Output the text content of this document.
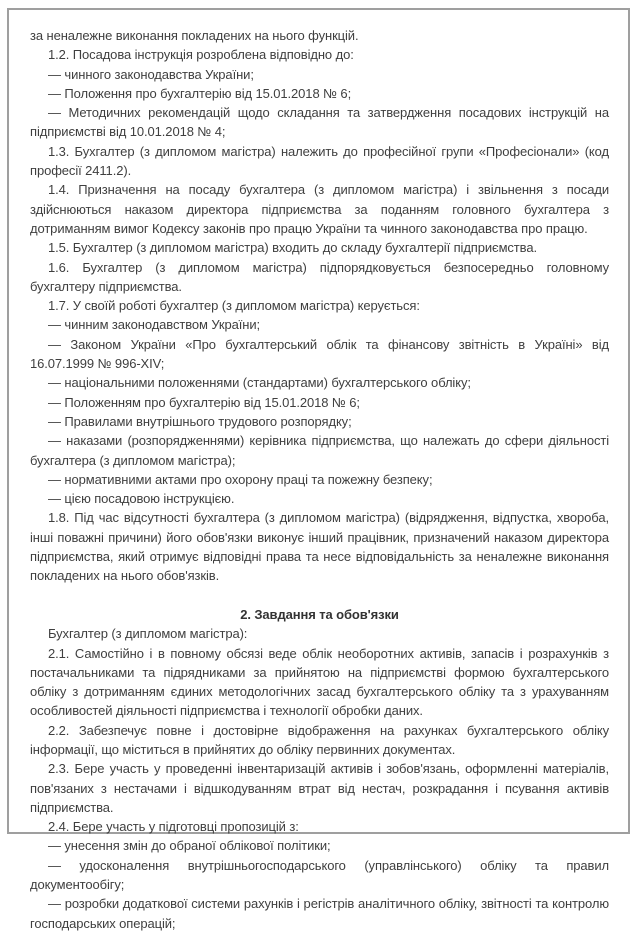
за неналежне виконання покладених на нього функцій.

1.2. Посадова інструкція розроблена відповідно до:

— чинного законодавства України;

— Положення про бухгалтерію від 15.01.2018 № 6;

— Методичних рекомендацій щодо складання та затвердження посадових інструкцій на підприємстві від 10.01.2018 № 4;

1.3. Бухгалтер (з дипломом магістра) належить до професійної групи «Професіонали» (код професії 2411.2).

1.4. Призначення на посаду бухгалтера (з дипломом магістра) і звільнення з посади здійснюються наказом директора підприємства за поданням головного бухгалтера з дотриманням вимог Кодексу законів про працю України та чинного законодавства про працю.

1.5. Бухгалтер (з дипломом магістра) входить до складу бухгалтерії підприємства.

1.6. Бухгалтер (з дипломом магістра) підпорядковується безпосередньо головному бухгалтеру підприємства.

1.7. У своїй роботі бухгалтер (з дипломом магістра) керується:

— чинним законодавством України;

— Законом України «Про бухгалтерський облік та фінансову звітність в Україні» від 16.07.1999 № 996-XIV;

— національними положеннями (стандартами) бухгалтерського обліку;

— Положенням про бухгалтерію від 15.01.2018 № 6;

— Правилами внутрішнього трудового розпорядку;

— наказами (розпорядженнями) керівника підприємства, що належать до сфери діяльності бухгалтера (з дипломом магістра);

— нормативними актами про охорону праці та пожежну безпеку;

— цією посадовою інструкцією.

1.8. Під час відсутності бухгалтера (з дипломом магістра) (відрядження, відпустка, хвороба, інші поважні причини) його обов'язки виконує інший працівник, призначений наказом директора підприємства, який отримує відповідні права та несе відповідальність за неналежне виконання покладених на нього обов'язків.

2. Завдання та обов'язки

Бухгалтер (з дипломом магістра):

2.1. Самостійно і в повному обсязі веде облік необоротних активів, запасів і розрахунків з постачальниками та підрядниками за прийнятою на підприємстві формою бухгалтерського обліку з дотриманням єдиних методологічних засад бухгалтерського обліку та з урахуванням особливостей діяльності підприємства і технології обробки даних.

2.2. Забезпечує повне і достовірне відображення на рахунках бухгалтерського обліку інформації, що міститься в прийнятих до обліку первинних документах.

2.3. Бере участь у проведенні інвентаризацій активів і зобов'язань, оформленні матеріалів, пов'язаних з нестачами і відшкодуванням втрат від нестач, розкрадання і псування активів підприємства.

2.4. Бере участь у підготовці пропозицій з:

— унесення змін до обраної облікової політики;

— удосконалення внутрішньогосподарського (управлінського) обліку та правил документообігу;

— розробки додаткової системи рахунків і регістрів аналітичного обліку, звітності та контролю господарських операцій;
